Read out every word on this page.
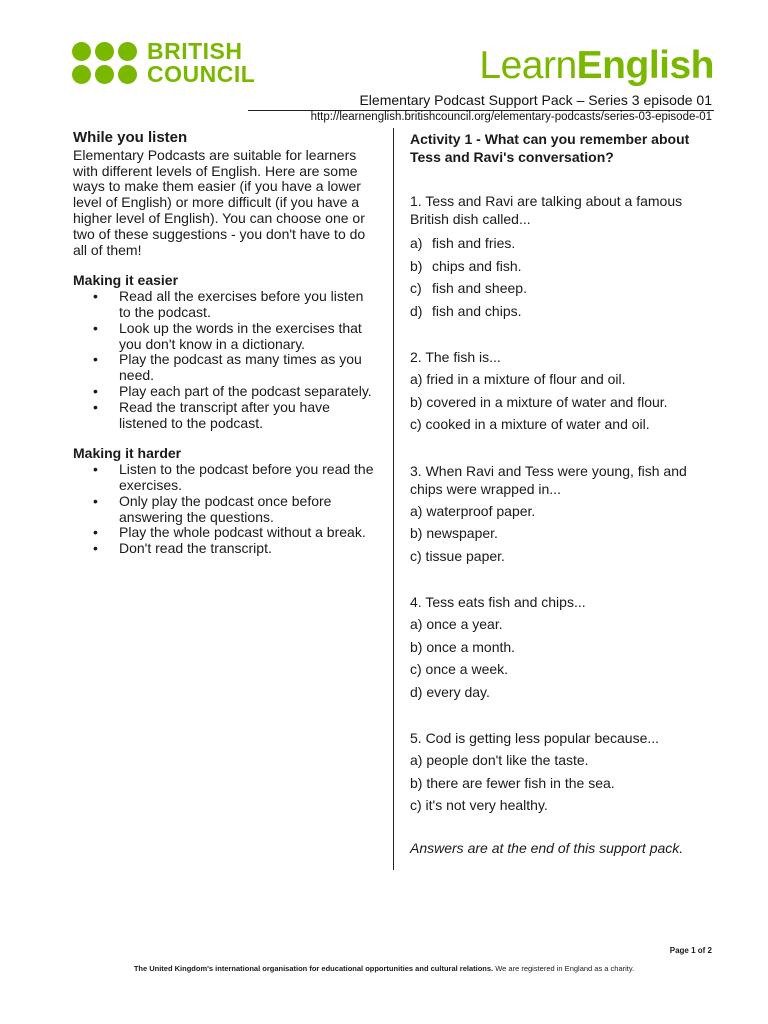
BRITISH
COUNCIL	LearnEnglish
Elementary Podcast Support Pack – Series 3 episode 01
http://learnenglish.britishcouncil.org/elementary-podcasts/series-03-episode-01
While you listen

Elementary Podcasts are suitable for learners with different levels of English. Here are some ways to make them easier (if you have a lower level of English) or more difficult (if you have a higher level of English). You can choose one or two of these suggestions - you don't have to do all of them!

Making it easier
• Read all the exercises before you listen to the podcast.
• Look up the words in the exercises that you don't know in a dictionary.
• Play the podcast as many times as you need.
• Play each part of the podcast separately.
• Read the transcript after you have listened to the podcast.
Making it harder
• Listen to the podcast before you read the exercises.
• Only play the podcast once before answering the questions.
• Play the whole podcast without a break.
• Don't read the transcript.
Activity 1 - What can you remember about Tess and Ravi's conversation?
1. Tess and Ravi are talking about a famous British dish called...
a) fish and fries.
b) chips and fish.
c) fish and sheep.
d) fish and chips.
2. The fish is...
a) fried in a mixture of flour and oil.
b) covered in a mixture of water and flour.
c) cooked in a mixture of water and oil.
3. When Ravi and Tess were young, fish and chips were wrapped in...
a) waterproof paper.
b) newspaper.
c) tissue paper.
4. Tess eats fish and chips...
a) once a year.
b) once a month.
c) once a week.
d) every day.
5. Cod is getting less popular because...
a) people don't like the taste.
b) there are fewer fish in the sea.
c) it's not very healthy.
Answers are at the end of this support pack.
Page 1 of 2
The United Kingdom's international organisation for educational opportunities and cultural relations. We are registered in England as a charity.
